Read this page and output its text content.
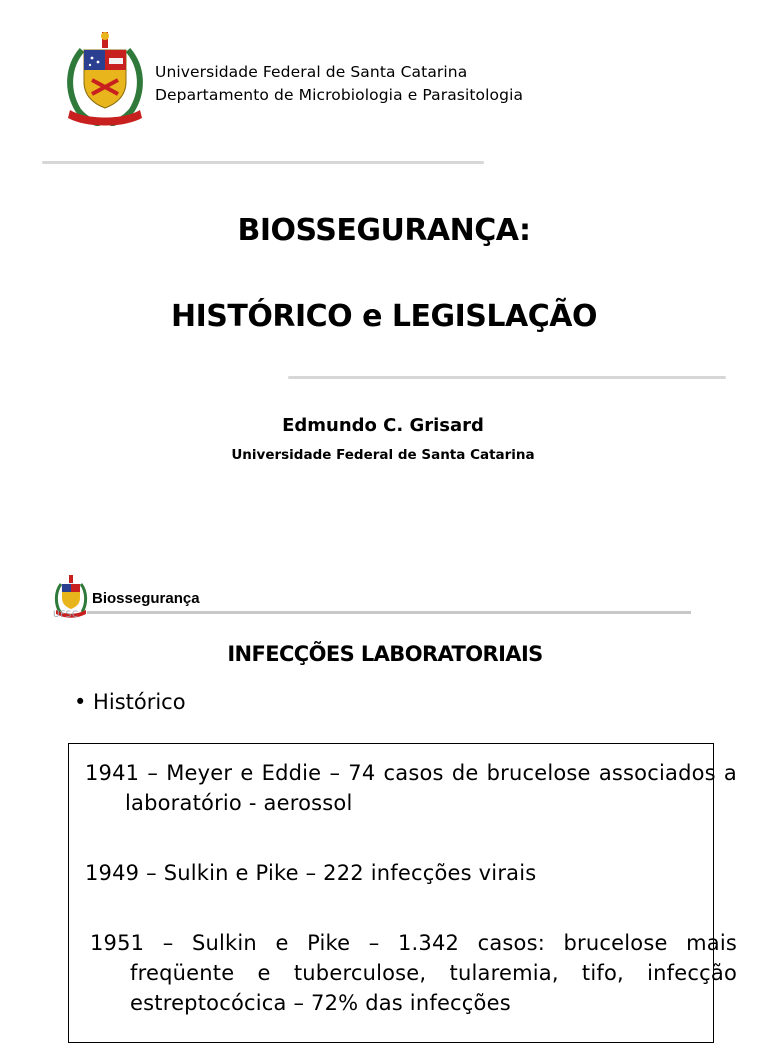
Universidade Federal de Santa Catarina
Departamento de Microbiologia e Parasitologia
BIOSSEGURANÇA:
HISTÓRICO e LEGISLAÇÃO
Edmundo C. Grisard
Universidade Federal de Santa Catarina
UFSC
Biossegurança
INFECÇÕES LABORATORIAIS
• Histórico
1941 – Meyer e Eddie – 74 casos de brucelose associados a laboratório - aerossol
1949 – Sulkin e Pike – 222 infecções virais
1951 – Sulkin e Pike – 1.342 casos: brucelose mais freqüente e tuberculose, tularemia, tifo, infecção estreptocócica – 72% das infecções
